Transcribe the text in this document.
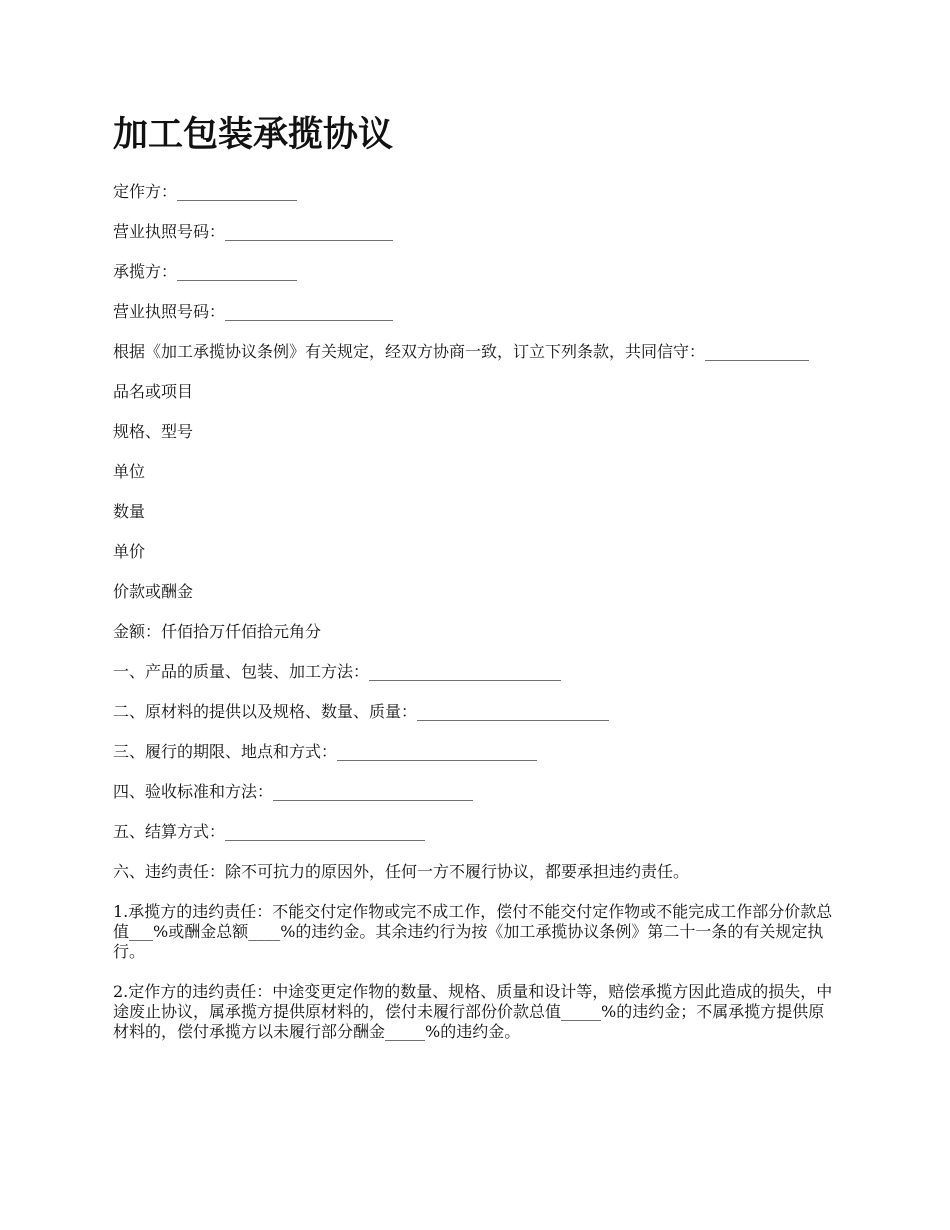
加工包装承揽协议

定作方：_______________

营业执照号码：_____________________

承揽方：_______________

营业执照号码：_____________________

根据《加工承揽协议条例》有关规定，经双方协商一致，订立下列条款，共同信守：_____________

品名或项目

规格、型号

单位

数量

单价

价款或酬金

金额：仟佰拾万仟佰拾元角分

一、产品的质量、包装、加工方法：________________________

二、原材料的提供以及规格、数量、质量：________________________

三、履行的期限、地点和方式：_________________________

四、验收标准和方法：_________________________

五、结算方式：_________________________

六、违约责任：除不可抗力的原因外，任何一方不履行协议，都要承担违约责任。

1.承揽方的违约责任：不能交付定作物或完不成工作，偿付不能交付定作物或不能完成工作部分价款总值___%或酬金总额____%的违约金。其余违约行为按《加工承揽协议条例》第二十一条的有关规定执行。

2.定作方的违约责任：中途变更定作物的数量、规格、质量和设计等，赔偿承揽方因此造成的损失，中途废止协议，属承揽方提供原材料的，偿付未履行部份价款总值_____%的违约金；不属承揽方提供原材料的，偿付承揽方以未履行部分酬金_____%的违约金。
